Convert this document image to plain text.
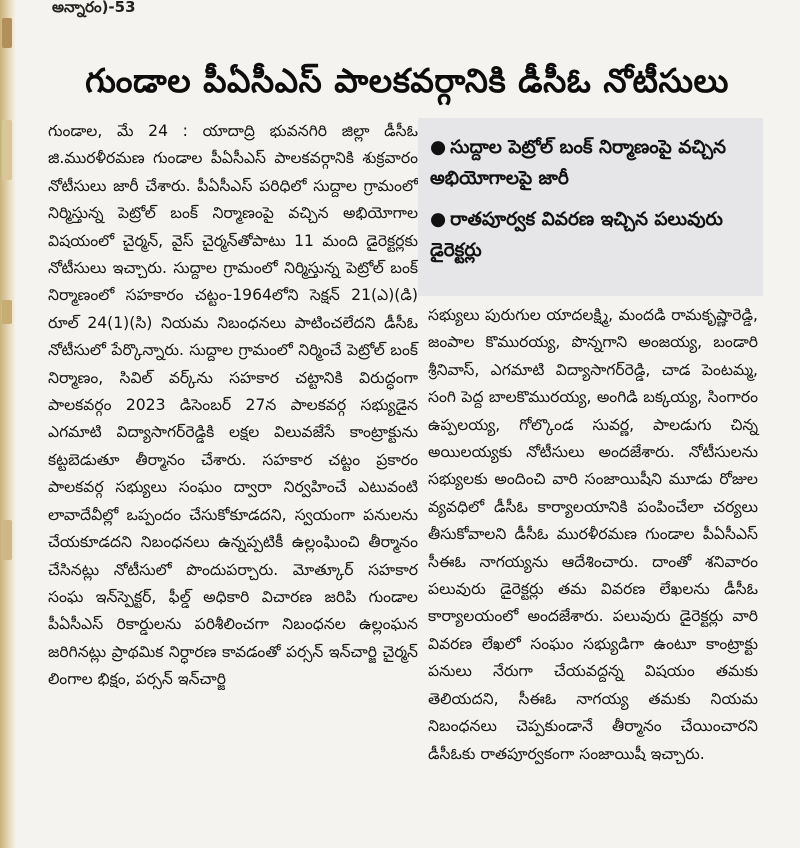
అన్నారం)-53
గుండాల పీఏసీఎస్ పాలకవర్గానికి డీసీఓ నోటీసులు

గుండాల, మే 24 : యాదాద్రి భువనగిరి జిల్లా డీసీఓ జి.మురళీరమణ గుండాల పీఏసీఎస్ పాలకవర్గానికి శుక్రవారం నోటీసులు జారీ చేశారు. పీఏసీఎస్ పరిధిలో సుద్దాల గ్రామంలో నిర్మిస్తున్న పెట్రోల్ బంక్ నిర్మాణంపై వచ్చిన అభియోగాల విషయంలో చైర్మన్, వైస్ చైర్మన్‌తోపాటు 11 మంది డైరెక్టర్లకు నోటీసులు ఇచ్చారు. సుద్దాల గ్రామంలో నిర్మిస్తున్న పెట్రోల్ బంక్ నిర్మాణంలో సహకారం చట్టం-1964లోని సెక్షన్ 21(ఎ)(డి) రూల్ 24(1)(సి) నియమ నిబంధనలు పాటించలేదని డీసీఓ నోటీసులో పేర్కొన్నారు. సుద్దాల గ్రామంలో నిర్మించే పెట్రోల్ బంక్ నిర్మాణం, సివిల్ వర్క్‌ను సహకార చట్టానికి విరుద్ధంగా పాలకవర్గం 2023 డిసెంబర్ 27న పాలకవర్గ సభ్యుడైన ఎగమాటి విద్యాసాగర్‌రెడ్డికి లక్షల విలువజేసే కాంట్రాక్టును కట్టబెడుతూ తీర్మానం చేశారు. సహకార చట్టం ప్రకారం పాలకవర్గ సభ్యులు సంఘం ద్వారా నిర్వహించే ఎటువంటి లావాదేవీల్లో ఒప్పందం చేసుకోకూడదని, స్వయంగా పనులను చేయకూడదని నిబంధనలు ఉన్నప్పటికీ ఉల్లంఘించి తీర్మానం చేసినట్లు నోటీసులో పొందుపర్చారు. మోత్కూర్ సహకార సంఘ ఇన్‌స్పెక్టర్, ఫీల్డ్ అధికారి విచారణ జరిపి గుండాల పీఏసీఎస్ రికార్డులను పరిశీలించగా నిబంధనల ఉల్లంఘన జరిగినట్లు ప్రాథమిక నిర్ధారణ కావడంతో పర్సన్ ఇన్‌చార్జి చైర్మన్ లింగాల భిక్షం, పర్సన్ ఇన్‌చార్జి

● సుద్దాల పెట్రోల్ బంక్ నిర్మాణంపై వచ్చిన అభియోగాలపై జారీ
● రాతపూర్వక వివరణ ఇచ్చిన పలువురు డైరెక్టర్లు

సభ్యులు పురుగుల యాదలక్ష్మి, మందడి రామకృష్ణారెడ్డి, జంపాల కొమురయ్య, పొన్నగాని అంజయ్య, బండారి శ్రీనివాస్, ఎగమాటి విద్యాసాగర్‌రెడ్డి, చాడ పెంటమ్మ, సంగి పెద్ద బాలకొమురయ్య, అంగిడి బక్కయ్య, సింగారం ఉప్పలయ్య, గోల్కొండ సువర్ణ, పాలడుగు చిన్న అయిలయ్యకు నోటీసులు అందజేశారు. నోటీసులను సభ్యులకు అందించి వారి సంజాయిషీని మూడు రోజుల వ్యవధిలో డీసీఓ కార్యాలయానికి పంపించేలా చర్యలు తీసుకోవాలని డీసీఓ మురళీరమణ గుండాల పీఏసీఎస్ సీఈఓ నాగయ్యను ఆదేశించారు. దాంతో శనివారం పలువురు డైరెక్టర్లు తమ వివరణ లేఖలను డీసీఓ కార్యాలయంలో అందజేశారు. పలువురు డైరెక్టర్లు వారి వివరణ లేఖలో సంఘం సభ్యుడిగా ఉంటూ కాంట్రాక్టు పనులు నేరుగా చేయవద్దన్న విషయం తమకు తెలియదని, సీఈఓ నాగయ్య తమకు నియమ నిబంధనలు చెప్పకుండానే తీర్మానం చేయించారని డీసీఓకు రాతపూర్వకంగా సంజాయిషీ ఇచ్చారు.
